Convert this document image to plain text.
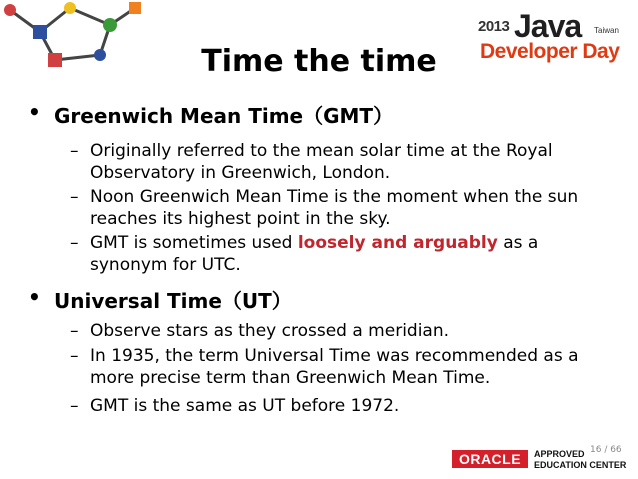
2013 Java Taiwan
Developer Day
Time the time
• Greenwich Mean Time（GMT）
– Originally referred to the mean solar time at the Royal Observatory in Greenwich, London.
– Noon Greenwich Mean Time is the moment when the sun reaches its highest point in the sky.
– GMT is sometimes used loosely and arguably as a synonym for UTC.
• Universal Time（UT）
– Observe stars as they crossed a meridian.
– In 1935, the term Universal Time was recommended as a more precise term than Greenwich Mean Time.
– GMT is the same as UT before 1972.
16 / 66
ORACLE	APPROVED
EDUCATION CENTER
